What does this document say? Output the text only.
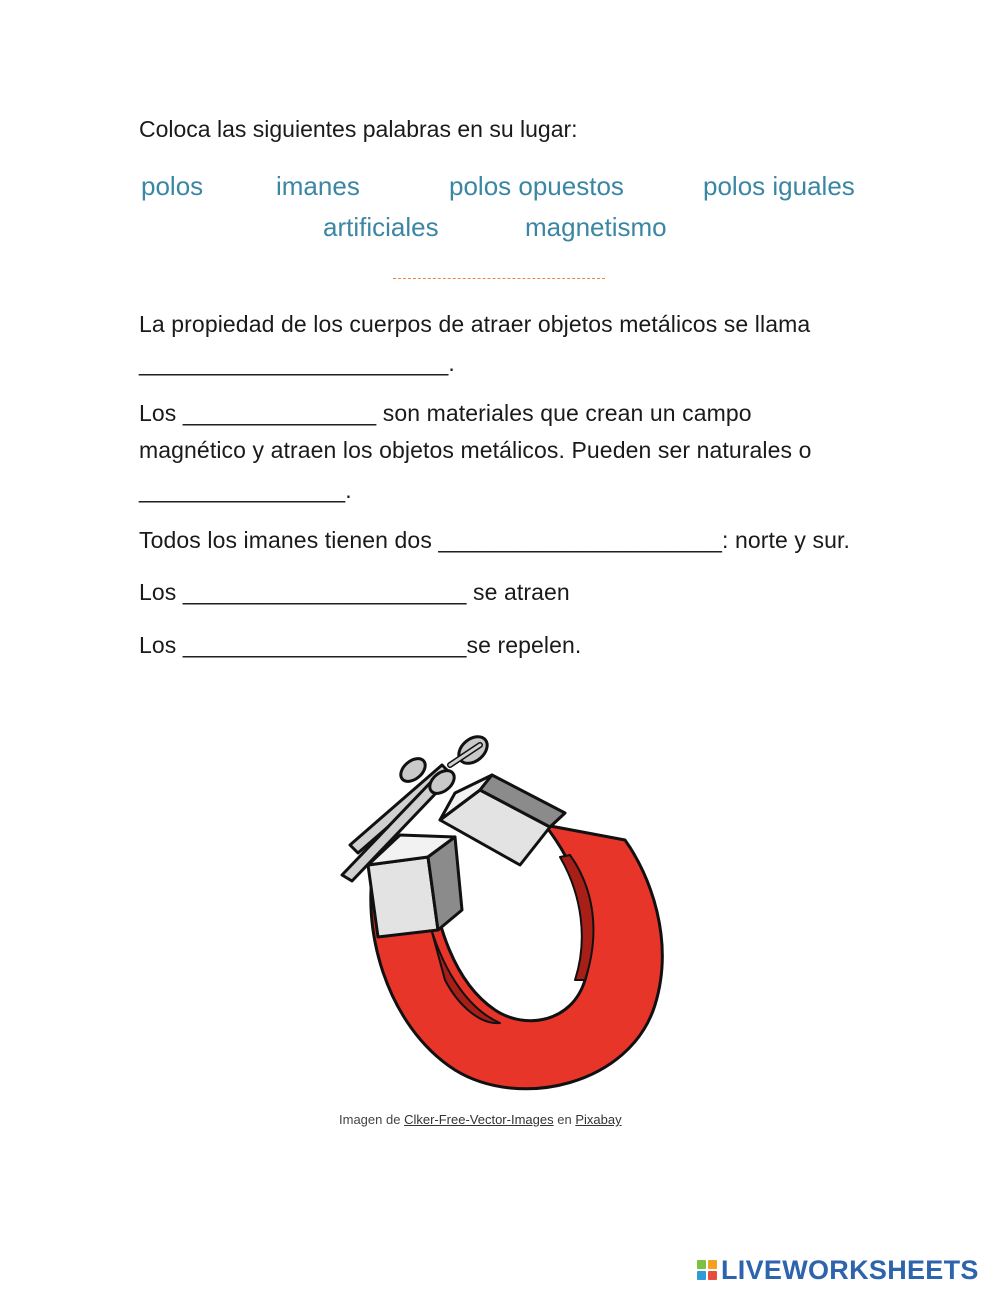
Coloca las siguientes palabras en su lugar:
polos	imanes	polos opuestos	polos iguales
artificiales	magnetismo
La propiedad de los cuerpos de atraer objetos metálicos se llama
________________________.
Los _______________ son materiales que crean un campo
magnético y atraen los objetos metálicos. Pueden ser naturales o
________________.
Todos los imanes tienen dos ______________________: norte y sur.
Los ______________________ se atraen
Los ______________________se repelen.
Imagen de Clker-Free-Vector-Images en Pixabay
LIVEWORKSHEETS
